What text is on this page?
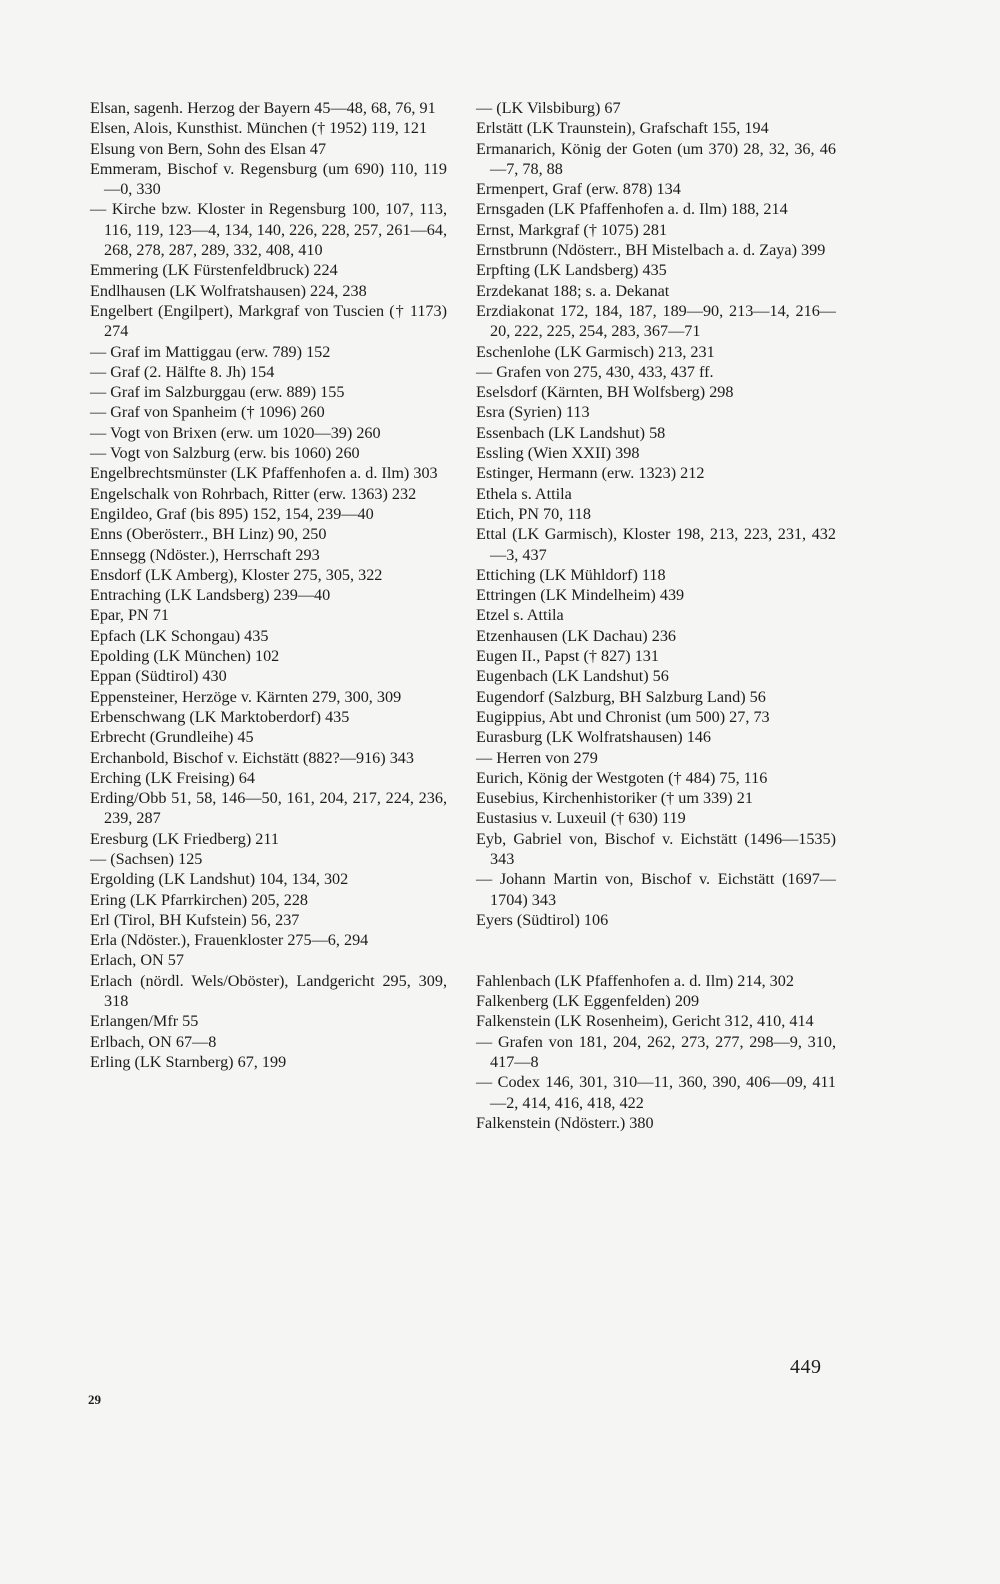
Elsan, sagenh. Herzog der Bayern 45—48, 68, 76, 91

Elsen, Alois, Kunsthist. München († 1952) 119, 121

Elsung von Bern, Sohn des Elsan 47

Emmeram, Bischof v. Regensburg (um 690) 110, 119—0, 330

— Kirche bzw. Kloster in Regensburg 100, 107, 113, 116, 119, 123—4, 134, 140, 226, 228, 257, 261—64, 268, 278, 287, 289, 332, 408, 410

Emmering (LK Fürstenfeldbruck) 224

Endlhausen (LK Wolfratshausen) 224, 238

Engelbert (Engilpert), Markgraf von Tuscien († 1173) 274

— Graf im Mattiggau (erw. 789) 152

— Graf (2. Hälfte 8. Jh) 154

— Graf im Salzburggau (erw. 889) 155

— Graf von Spanheim († 1096) 260

— Vogt von Brixen (erw. um 1020—39) 260

— Vogt von Salzburg (erw. bis 1060) 260

Engelbrechtsmünster (LK Pfaffenhofen a. d. Ilm) 303

Engelschalk von Rohrbach, Ritter (erw. 1363) 232

Engildeo, Graf (bis 895) 152, 154, 239—40

Enns (Oberösterr., BH Linz) 90, 250

Ennsegg (Ndöster.), Herrschaft 293

Ensdorf (LK Amberg), Kloster 275, 305, 322

Entraching (LK Landsberg) 239—40

Epar, PN 71

Epfach (LK Schongau) 435

Epolding (LK München) 102

Eppan (Südtirol) 430

Eppensteiner, Herzöge v. Kärnten 279, 300, 309

Erbenschwang (LK Marktoberdorf) 435

Erbrecht (Grundleihe) 45

Erchanbold, Bischof v. Eichstätt (882?—916) 343

Erching (LK Freising) 64

Erding/Obb 51, 58, 146—50, 161, 204, 217, 224, 236, 239, 287

Eresburg (LK Friedberg) 211

— (Sachsen) 125

Ergolding (LK Landshut) 104, 134, 302

Ering (LK Pfarrkirchen) 205, 228

Erl (Tirol, BH Kufstein) 56, 237

Erla (Ndöster.), Frauenkloster 275—6, 294

Erlach, ON 57

Erlach (nördl. Wels/Oböster), Landgericht 295, 309, 318

Erlangen/Mfr 55

Erlbach, ON 67—8

Erling (LK Starnberg) 67, 199

— (LK Vilsbiburg) 67

Erlstätt (LK Traunstein), Grafschaft 155, 194

Ermanarich, König der Goten (um 370) 28, 32, 36, 46—7, 78, 88

Ermenpert, Graf (erw. 878) 134

Ernsgaden (LK Pfaffenhofen a. d. Ilm) 188, 214

Ernst, Markgraf († 1075) 281

Ernstbrunn (Ndösterr., BH Mistelbach a. d. Zaya) 399

Erpfting (LK Landsberg) 435

Erzdekanat 188; s. a. Dekanat

Erzdiakonat 172, 184, 187, 189—90, 213—14, 216—20, 222, 225, 254, 283, 367—71

Eschenlohe (LK Garmisch) 213, 231

— Grafen von 275, 430, 433, 437 ff.

Eselsdorf (Kärnten, BH Wolfsberg) 298

Esra (Syrien) 113

Essenbach (LK Landshut) 58

Essling (Wien XXII) 398

Estinger, Hermann (erw. 1323) 212

Ethela s. Attila

Etich, PN 70, 118

Ettal (LK Garmisch), Kloster 198, 213, 223, 231, 432—3, 437

Ettiching (LK Mühldorf) 118

Ettringen (LK Mindelheim) 439

Etzel s. Attila

Etzenhausen (LK Dachau) 236

Eugen II., Papst († 827) 131

Eugenbach (LK Landshut) 56

Eugendorf (Salzburg, BH Salzburg Land) 56

Eugippius, Abt und Chronist (um 500) 27, 73

Eurasburg (LK Wolfratshausen) 146

— Herren von 279

Eurich, König der Westgoten († 484) 75, 116

Eusebius, Kirchenhistoriker († um 339) 21

Eustasius v. Luxeuil († 630) 119

Eyb, Gabriel von, Bischof v. Eichstätt (1496—1535) 343

— Johann Martin von, Bischof v. Eichstätt (1697—1704) 343

Eyers (Südtirol) 106

Fahlenbach (LK Pfaffenhofen a. d. Ilm) 214, 302

Falkenberg (LK Eggenfelden) 209

Falkenstein (LK Rosenheim), Gericht 312, 410, 414

— Grafen von 181, 204, 262, 273, 277, 298—9, 310, 417—8

— Codex 146, 301, 310—11, 360, 390, 406—09, 411—2, 414, 416, 418, 422

Falkenstein (Ndösterr.) 380

449
29
